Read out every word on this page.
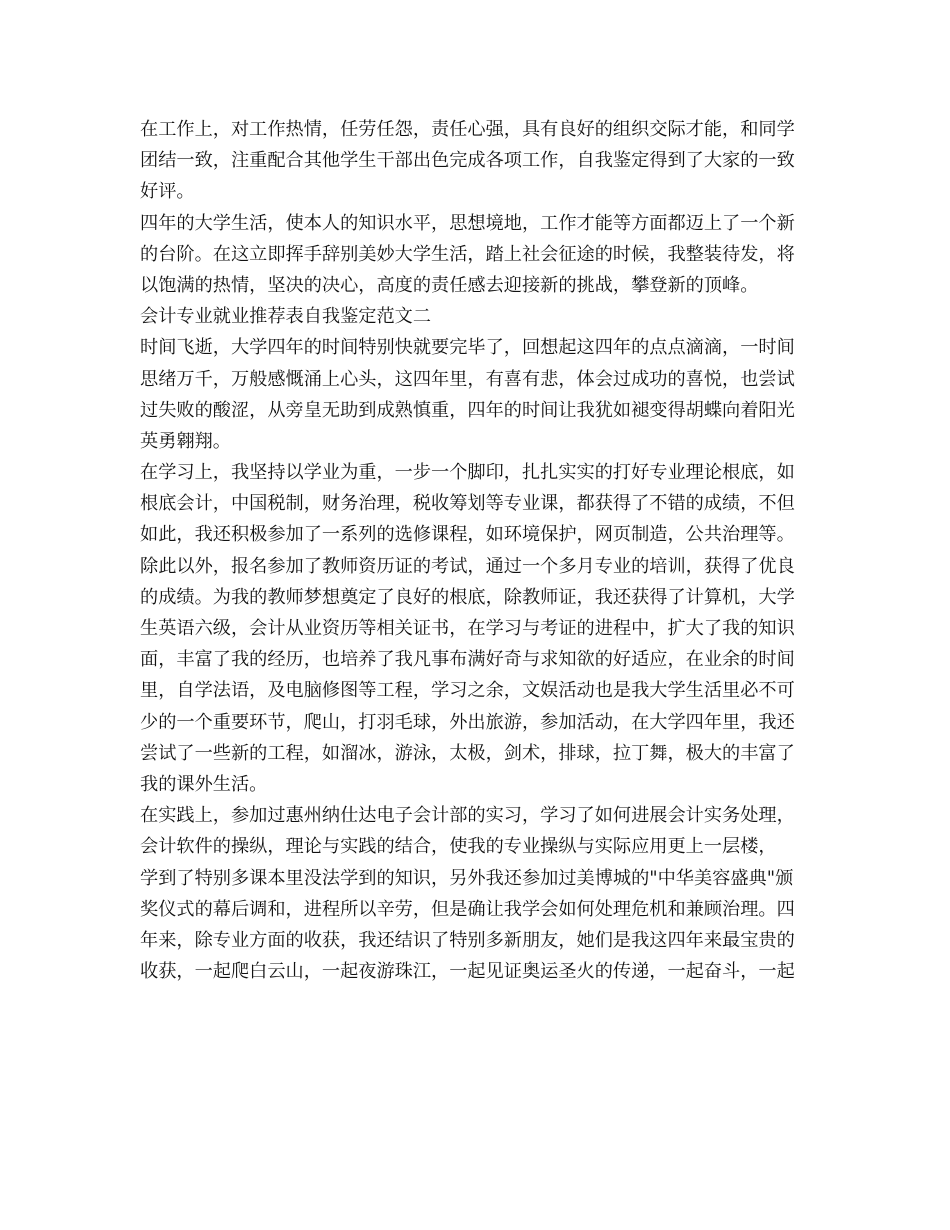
在工作上，对工作热情，任劳任怨，责任心强，具有良好的组织交际才能，和同学
团结一致，注重配合其他学生干部出色完成各项工作，自我鉴定得到了大家的一致
好评。
四年的大学生活，使本人的知识水平，思想境地，工作才能等方面都迈上了一个新
的台阶。在这立即挥手辞别美妙大学生活，踏上社会征途的时候，我整装待发，将
以饱满的热情，坚决的决心，高度的责任感去迎接新的挑战，攀登新的顶峰。
会计专业就业推荐表自我鉴定范文二
时间飞逝，大学四年的时间特别快就要完毕了，回想起这四年的点点滴滴，一时间
思绪万千，万般感慨涌上心头，这四年里，有喜有悲，体会过成功的喜悦，也尝试
过失败的酸涩，从旁皇无助到成熟慎重，四年的时间让我犹如褪变得胡蝶向着阳光
英勇翱翔。
在学习上，我坚持以学业为重，一步一个脚印，扎扎实实的打好专业理论根底，如
根底会计，中国税制，财务治理，税收筹划等专业课，都获得了不错的成绩，不但
如此，我还积极参加了一系列的选修课程，如环境保护，网页制造，公共治理等。
除此以外，报名参加了教师资历证的考试，通过一个多月专业的培训，获得了优良
的成绩。为我的教师梦想奠定了良好的根底，除教师证，我还获得了计算机，大学
生英语六级，会计从业资历等相关证书，在学习与考证的进程中，扩大了我的知识
面，丰富了我的经历，也培养了我凡事布满好奇与求知欲的好适应，在业余的时间
里，自学法语，及电脑修图等工程，学习之余，文娱活动也是我大学生活里必不可
少的一个重要环节，爬山，打羽毛球，外出旅游，参加活动，在大学四年里，我还
尝试了一些新的工程，如溜冰，游泳，太极，剑术，排球，拉丁舞，极大的丰富了
我的课外生活。
在实践上，参加过惠州纳仕达电子会计部的实习，学习了如何进展会计实务处理，
会计软件的操纵，理论与实践的结合，使我的专业操纵与实际应用更上一层楼，
学到了特别多课本里没法学到的知识，另外我还参加过美博城的"中华美容盛典"颁
奖仪式的幕后调和，进程所以辛劳，但是确让我学会如何处理危机和兼顾治理。四
年来，除专业方面的收获，我还结识了特别多新朋友，她们是我这四年来最宝贵的
收获，一起爬白云山，一起夜游珠江，一起见证奥运圣火的传递，一起奋斗，一起
